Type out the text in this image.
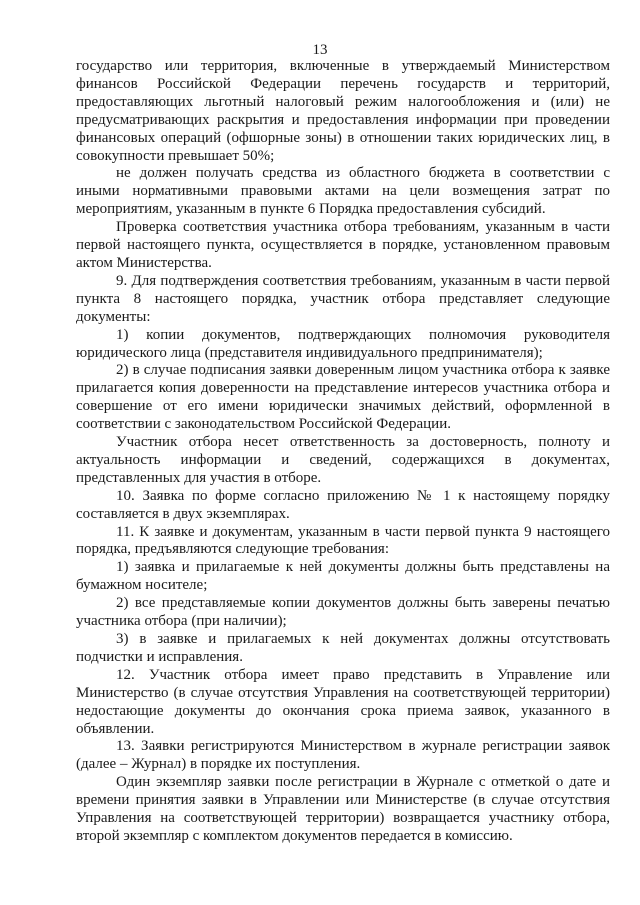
13

государство или территория, включенные в утверждаемый Министерством финансов Российской Федерации перечень государств и территорий, предоставляющих льготный налоговый режим налогообложения и (или) не предусматривающих раскрытия и предоставления информации при проведении финансовых операций (офшорные зоны) в отношении таких юридических лиц, в совокупности превышает 50%;

не должен получать средства из областного бюджета в соответствии с иными нормативными правовыми актами на цели возмещения затрат по мероприятиям, указанным в пункте 6 Порядка предоставления субсидий.

Проверка соответствия участника отбора требованиям, указанным в части первой настоящего пункта, осуществляется в порядке, установленном правовым актом Министерства.

9. Для подтверждения соответствия требованиям, указанным в части первой пункта 8 настоящего порядка, участник отбора представляет следующие документы:

1) копии документов, подтверждающих полномочия руководителя юридического лица (представителя индивидуального предпринимателя);

2) в случае подписания заявки доверенным лицом участника отбора к заявке прилагается копия доверенности на представление интересов участника отбора и совершение от его имени юридически значимых действий, оформленной в соответствии с законодательством Российской Федерации.

Участник отбора несет ответственность за достоверность, полноту и актуальность информации и сведений, содержащихся в документах, представленных для участия в отборе.

10. Заявка по форме согласно приложению № 1 к настоящему порядку составляется в двух экземплярах.

11. К заявке и документам, указанным в части первой пункта 9 настоящего порядка, предъявляются следующие требования:

1) заявка и прилагаемые к ней документы должны быть представлены на бумажном носителе;

2) все представляемые копии документов должны быть заверены печатью участника отбора (при наличии);

3) в заявке и прилагаемых к ней документах должны отсутствовать подчистки и исправления.

12. Участник отбора имеет право представить в Управление или Министерство (в случае отсутствия Управления на соответствующей территории) недостающие документы до окончания срока приема заявок, указанного в объявлении.

13. Заявки регистрируются Министерством в журнале регистрации заявок (далее – Журнал) в порядке их поступления.

Один экземпляр заявки после регистрации в Журнале с отметкой о дате и времени принятия заявки в Управлении или Министерстве (в случае отсутствия Управления на соответствующей территории) возвращается участнику отбора, второй экземпляр с комплектом документов передается в комиссию.
